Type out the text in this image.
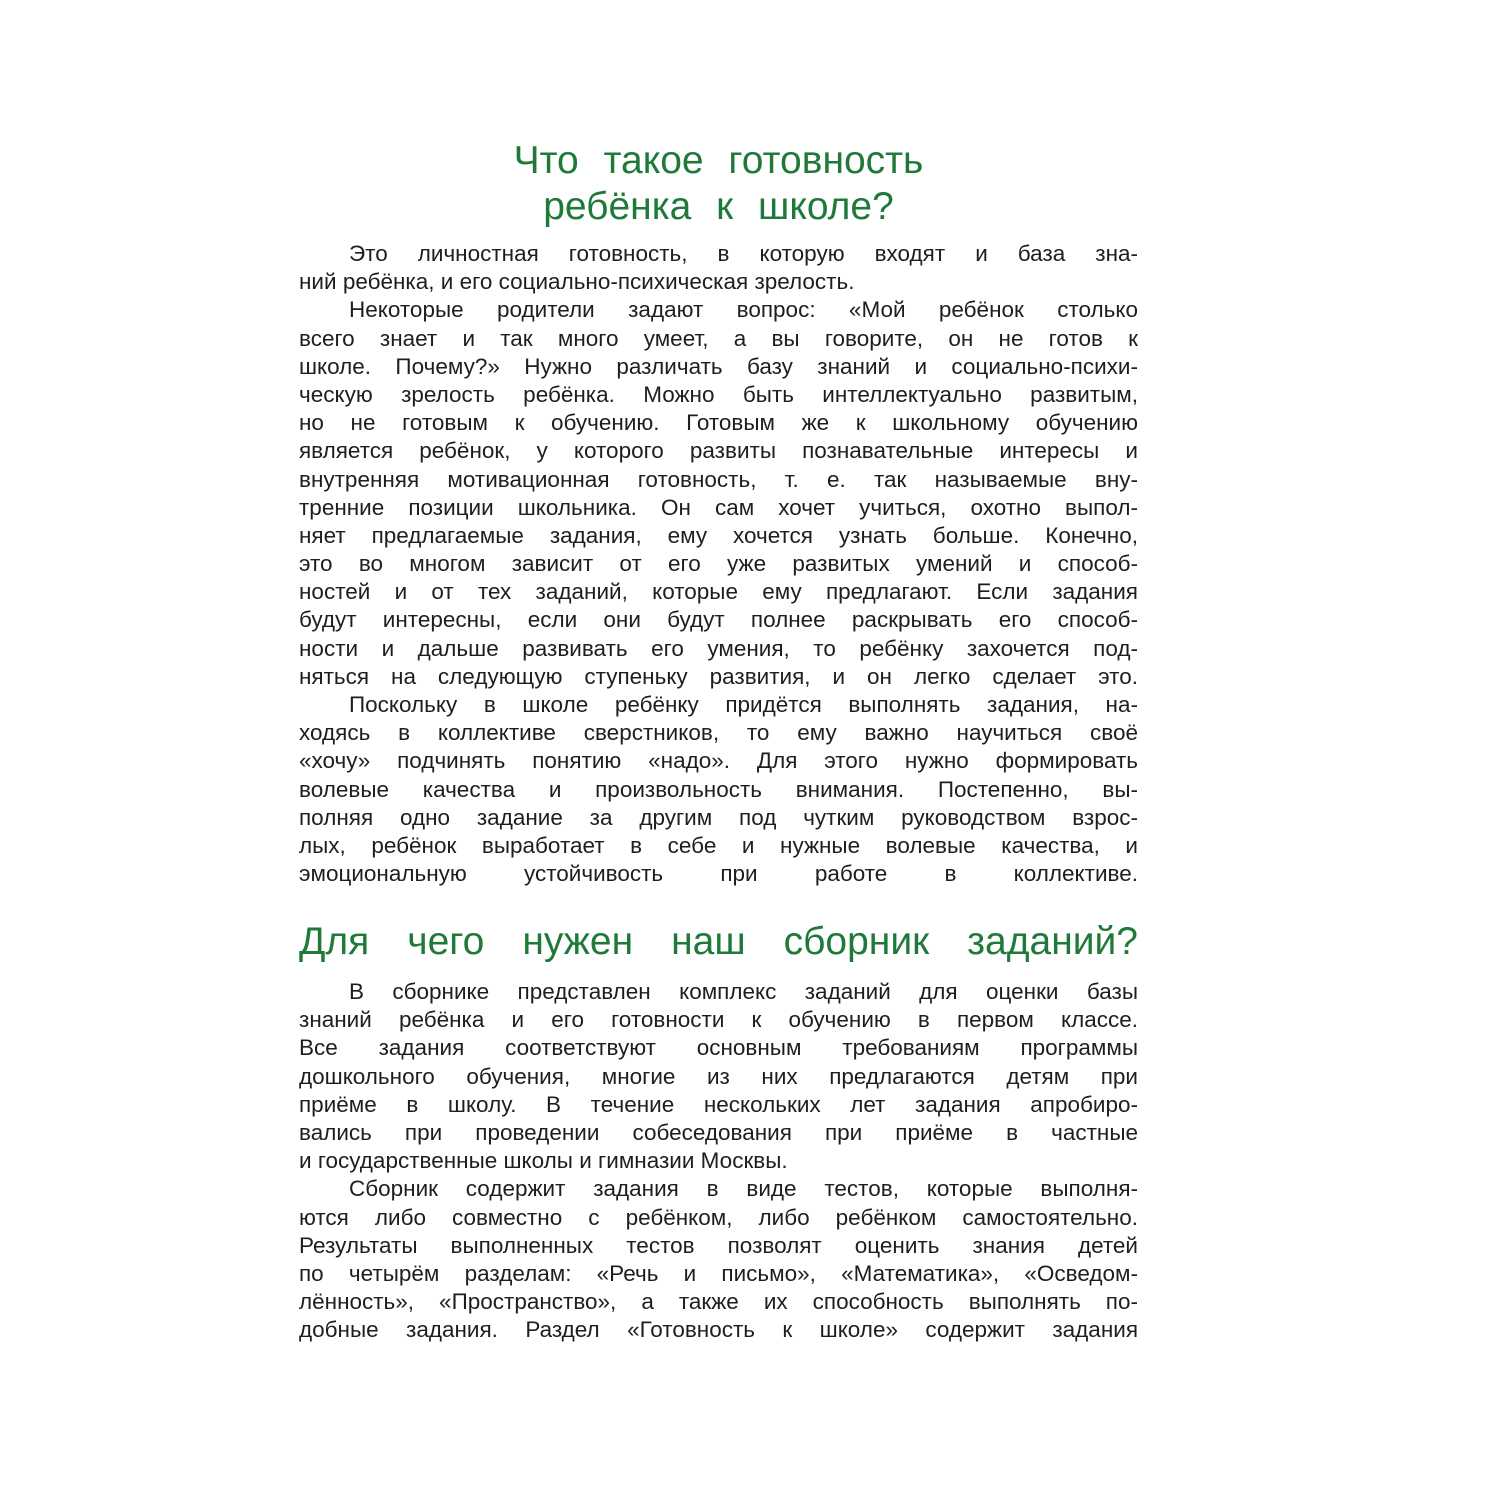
Что такое готовность
ребёнка к школе?
Это личностная готовность, в которую входят и база зна-
ний ребёнка, и его социально-психическая зрелость.
Некоторые родители задают вопрос: «Мой ребёнок столько
всего знает и так много умеет, а вы говорите, он не готов к
школе. Почему?» Нужно различать базу знаний и социально-психи-
ческую зрелость ребёнка. Можно быть интеллектуально развитым,
но не готовым к обучению. Готовым же к школьному обучению
является ребёнок, у которого развиты познавательные интересы и
внутренняя мотивационная готовность, т. е. так называемые вну-
тренние позиции школьника. Он сам хочет учиться, охотно выпол-
няет предлагаемые задания, ему хочется узнать больше. Конечно,
это во многом зависит от его уже развитых умений и способ-
ностей и от тех заданий, которые ему предлагают. Если задания
будут интересны, если они будут полнее раскрывать его способ-
ности и дальше развивать его умения, то ребёнку захочется под-
няться на следующую ступеньку развития, и он легко сделает это.
Поскольку в школе ребёнку придётся выполнять задания, на-
ходясь в коллективе сверстников, то ему важно научиться своё
«хочу» подчинять понятию «надо». Для этого нужно формировать
волевые качества и произвольность внимания. Постепенно, вы-
полняя одно задание за другим под чутким руководством взрос-
лых, ребёнок выработает в себе и нужные волевые качества, и
эмоциональную устойчивость при работе в коллективе.
Для чего нужен наш сборник заданий?
В сборнике представлен комплекс заданий для оценки базы
знаний ребёнка и его готовности к обучению в первом классе.
Все задания соответствуют основным требованиям программы
дошкольного обучения, многие из них предлагаются детям при
приёме в школу. В течение нескольких лет задания апробиро-
вались при проведении собеседования при приёме в частные
и государственные школы и гимназии Москвы.
Сборник содержит задания в виде тестов, которые выполня-
ются либо совместно с ребёнком, либо ребёнком самостоятельно.
Результаты выполненных тестов позволят оценить знания детей
по четырём разделам: «Речь и письмо», «Математика», «Осведом-
лённость», «Пространство», а также их способность выполнять по-
добные задания. Раздел «Готовность к школе» содержит задания
